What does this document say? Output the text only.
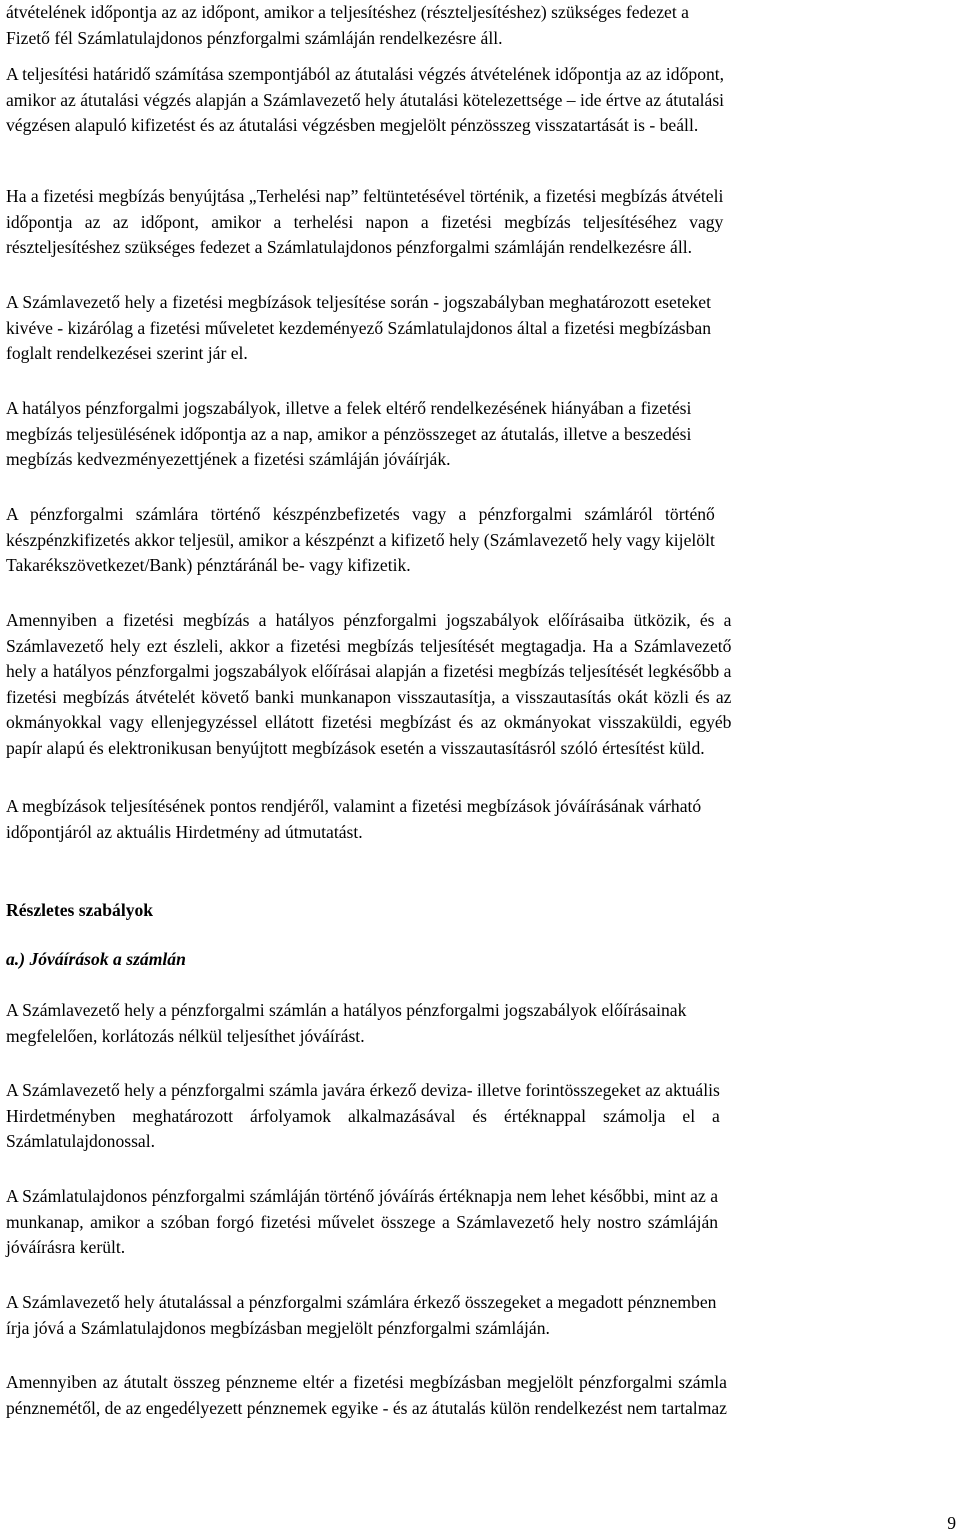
átvételének időpontja az az időpont, amikor a teljesítéshez (részteljesítéshez) szükséges fedezet a
Fizető fél Számlatulajdonos pénzforgalmi számláján rendelkezésre áll.

A teljesítési határidő számítása szempontjából az átutalási végzés átvételének időpontja az az időpont,
amikor az átutalási végzés alapján a Számlavezető hely átutalási kötelezettsége – ide értve az átutalási
végzésen alapuló kifizetést és az átutalási végzésben megjelölt pénzösszeg visszatartását is - beáll.

Ha a fizetési megbízás benyújtása „Terhelési nap” feltüntetésével történik, a fizetési megbízás átvételi
időpontja az az időpont, amikor a terhelési napon a fizetési megbízás teljesítéséhez vagy
részteljesítéshez szükséges fedezet a Számlatulajdonos pénzforgalmi számláján rendelkezésre áll.

A Számlavezető hely a fizetési megbízások teljesítése során - jogszabályban meghatározott eseteket
kivéve - kizárólag a fizetési műveletet kezdeményező Számlatulajdonos által a fizetési megbízásban
foglalt rendelkezései szerint jár el.

A hatályos pénzforgalmi jogszabályok, illetve a felek eltérő rendelkezésének hiányában a fizetési
megbízás teljesülésének időpontja az a nap, amikor a pénzösszeget az átutalás, illetve a beszedési
megbízás kedvezményezettjének a fizetési számláján jóváírják.

A pénzforgalmi számlára történő készpénzbefizetés vagy a pénzforgalmi számláról történő
készpénzkifizetés akkor teljesül, amikor a készpénzt a kifizető hely (Számlavezető hely vagy kijelölt
Takarékszövetkezet/Bank) pénztáránál be- vagy kifizetik.

Amennyiben a fizetési megbízás a hatályos pénzforgalmi jogszabályok előírásaiba ütközik, és a
Számlavezető hely ezt észleli, akkor a fizetési megbízás teljesítését megtagadja. Ha a Számlavezető
hely a hatályos pénzforgalmi jogszabályok előírásai alapján a fizetési megbízás teljesítését legkésőbb a
fizetési megbízás átvételét követő banki munkanapon visszautasítja, a visszautasítás okát közli és az
okmányokkal vagy ellenjegyzéssel ellátott fizetési megbízást és az okmányokat visszaküldi, egyéb
papír alapú és elektronikusan benyújtott megbízások esetén a visszautasításról szóló értesítést küld.

A megbízások teljesítésének pontos rendjéről, valamint a fizetési megbízások jóváírásának várható
időpontjáról az aktuális Hirdetmény ad útmutatást.

Részletes szabályok

a.) Jóváírások a számlán

A Számlavezető hely a pénzforgalmi számlán a hatályos pénzforgalmi jogszabályok előírásainak
megfelelően, korlátozás nélkül teljesíthet jóváírást.

A Számlavezető hely a pénzforgalmi számla javára érkező deviza- illetve forintösszegeket az aktuális
Hirdetményben meghatározott árfolyamok alkalmazásával és értéknappal számolja el a
Számlatulajdonossal.

A Számlatulajdonos pénzforgalmi számláján történő jóváírás értéknapja nem lehet későbbi, mint az a
munkanap, amikor a szóban forgó fizetési művelet összege a Számlavezető hely nostro számláján
jóváírásra került.

A Számlavezető hely átutalással a pénzforgalmi számlára érkező összegeket a megadott pénznemben
írja jóvá a Számlatulajdonos megbízásban megjelölt pénzforgalmi számláján.

Amennyiben az átutalt összeg pénzneme eltér a fizetési megbízásban megjelölt pénzforgalmi számla
pénznemétől, de az engedélyezett pénznemek egyike - és az átutalás külön rendelkezést nem tartalmaz

9
